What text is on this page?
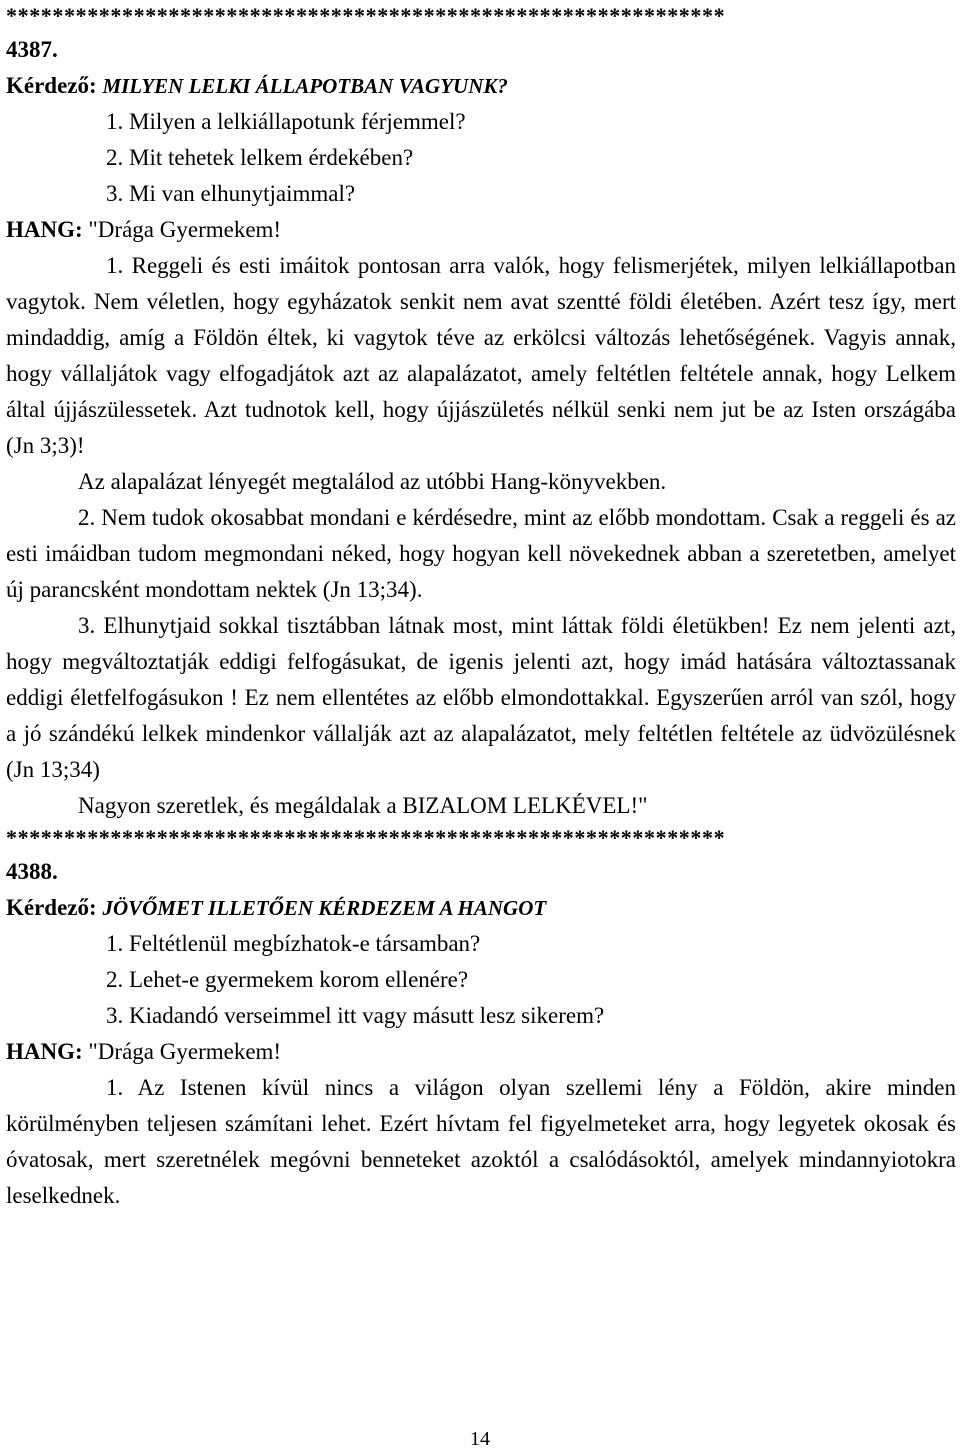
**************************************************************
4387.
Kérdező: MILYEN LELKI ÁLLAPOTBAN VAGYUNK?
1. Milyen a lelkiállapotunk férjemmel?
2. Mit tehetek lelkem érdekében?
3. Mi van elhunytjaimmal?
HANG: "Drága Gyermekem!

1. Reggeli és esti imáitok pontosan arra valók, hogy felismerjétek, milyen lelkiállapotban vagytok. Nem véletlen, hogy egyházatok senkit nem avat szentté földi életében. Azért tesz így, mert mindaddig, amíg a Földön éltek, ki vagytok téve az erkölcsi változás lehetőségének. Vagyis annak, hogy vállaljátok vagy elfogadjátok azt az alapalázatot, amely feltétlen feltétele annak, hogy Lelkem által újjászülessetek. Azt tudnotok kell, hogy újjászületés nélkül senki nem jut be az Isten országába (Jn 3;3)!

Az alapalázat lényegét megtalálod az utóbbi Hang-könyvekben.

2. Nem tudok okosabbat mondani e kérdésedre, mint az előbb mondottam. Csak a reggeli és az esti imáidban tudom megmondani néked, hogy hogyan kell növekednek abban a szeretetben, amelyet új parancsként mondottam nektek (Jn 13;34).

3. Elhunytjaid sokkal tisztábban látnak most, mint láttak földi életükben! Ez nem jelenti azt, hogy megváltoztatják eddigi felfogásukat, de igenis jelenti azt, hogy imád hatására változtassanak eddigi életfelfogásukon ! Ez nem ellentétes az előbb elmondottakkal. Egyszerűen arról van szól, hogy a jó szándékú lelkek mindenkor vállalják azt az alapalázatot, mely feltétlen feltétele az üdvözülésnek (Jn 13;34)

Nagyon szeretlek, és megáldalak a BIZALOM LELKÉVEL!"

**************************************************************
4388.
Kérdező: JÖVŐMET ILLETŐEN KÉRDEZEM A HANGOT
1. Feltétlenül megbízhatok-e társamban?
2. Lehet-e gyermekem korom ellenére?
3. Kiadandó verseimmel itt vagy másutt lesz sikerem?
HANG: "Drága Gyermekem!

1. Az Istenen kívül nincs a világon olyan szellemi lény a Földön, akire minden körülményben teljesen számítani lehet. Ezért hívtam fel figyelmeteket arra, hogy legyetek okosak és óvatosak, mert szeretnélek megóvni benneteket azoktól a csalódásoktól, amelyek mindannyiotokra leselkednek.

14
